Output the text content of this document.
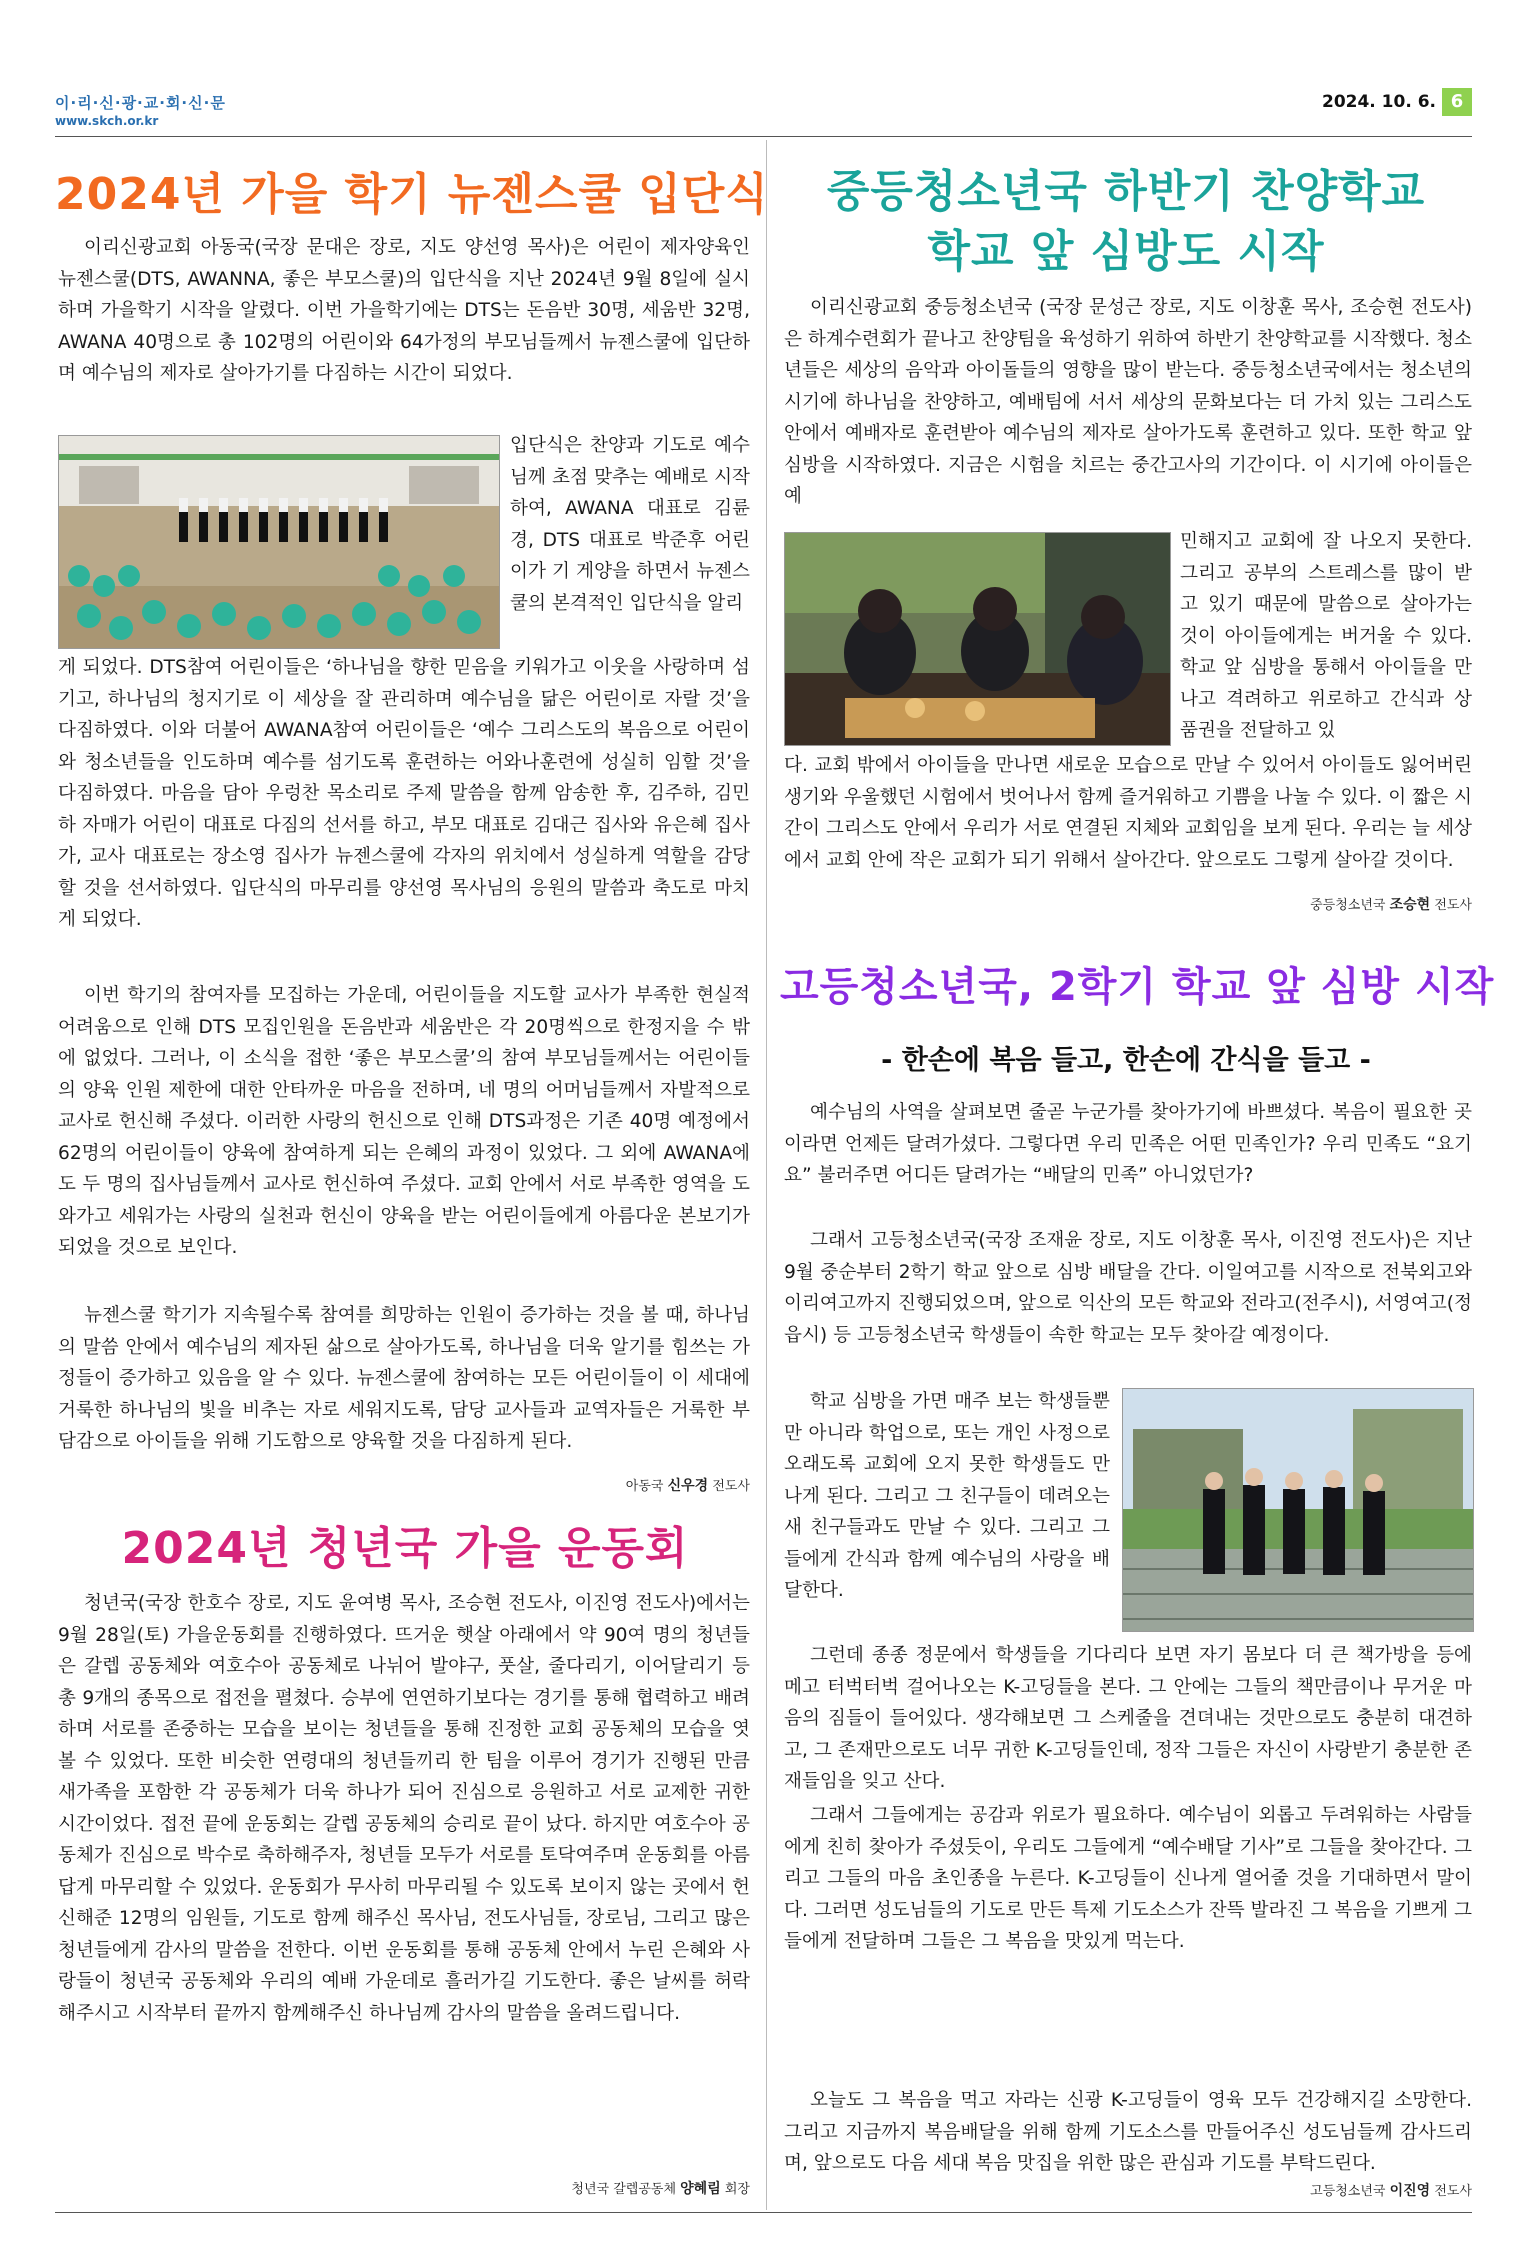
이·리·신·광·교·회·신·문
www.skch.or.kr
2024. 10. 6. 6
2024년 가을 학기 뉴젠스쿨 입단식

이리신광교회 아동국(국장 문대은 장로, 지도 양선영 목사)은 어린이 제자양육인 뉴젠스쿨(DTS, AWANNA, 좋은 부모스쿨)의 입단식을 지난 2024년 9월 8일에 실시하며 가을학기 시작을 알렸다. 이번 가을학기에는 DTS는 돈음반 30명, 세움반 32명, AWANA 40명으로 총 102명의 어린이와 64가정의 부모님들께서 뉴젠스쿨에 입단하며 예수님의 제자로 살아가기를 다짐하는 시간이 되었다.

입단식은 찬양과 기도로 예수님께 초점 맞추는 예배로 시작하여, AWANA 대표로 김륜경, DTS 대표로 박준후 어린이가 기 게양을 하면서 뉴젠스쿨의 본격적인 입단식을 알리

게 되었다. DTS참여 어린이들은 ‘하나님을 향한 믿음을 키워가고 이웃을 사랑하며 섬기고, 하나님의 청지기로 이 세상을 잘 관리하며 예수님을 닮은 어린이로 자랄 것’을 다짐하였다. 이와 더불어 AWANA참여 어린이들은 ‘예수 그리스도의 복음으로 어린이와 청소년들을 인도하며 예수를 섬기도록 훈련하는 어와나훈련에 성실히 임할 것’을 다짐하였다. 마음을 담아 우렁찬 목소리로 주제 말씀을 함께 암송한 후, 김주하, 김민하 자매가 어린이 대표로 다짐의 선서를 하고, 부모 대표로 김대근 집사와 유은혜 집사가, 교사 대표로는 장소영 집사가 뉴젠스쿨에 각자의 위치에서 성실하게 역할을 감당할 것을 선서하였다. 입단식의 마무리를 양선영 목사님의 응원의 말씀과 축도로 마치게 되었다.

이번 학기의 참여자를 모집하는 가운데, 어린이들을 지도할 교사가 부족한 현실적 어려움으로 인해 DTS 모집인원을 돈음반과 세움반은 각 20명씩으로 한정지을 수 밖에 없었다. 그러나, 이 소식을 접한 ‘좋은 부모스쿨’의 참여 부모님들께서는 어린이들의 양육 인원 제한에 대한 안타까운 마음을 전하며, 네 명의 어머님들께서 자발적으로 교사로 헌신해 주셨다. 이러한 사랑의 헌신으로 인해 DTS과정은 기존 40명 예정에서 62명의 어린이들이 양육에 참여하게 되는 은혜의 과정이 있었다. 그 외에 AWANA에도 두 명의 집사님들께서 교사로 헌신하여 주셨다. 교회 안에서 서로 부족한 영역을 도와가고 세워가는 사랑의 실천과 헌신이 양육을 받는 어린이들에게 아름다운 본보기가 되었을 것으로 보인다.

뉴젠스쿨 학기가 지속될수록 참여를 희망하는 인원이 증가하는 것을 볼 때, 하나님의 말씀 안에서 예수님의 제자된 삶으로 살아가도록, 하나님을 더욱 알기를 힘쓰는 가정들이 증가하고 있음을 알 수 있다. 뉴젠스쿨에 참여하는 모든 어린이들이 이 세대에 거룩한 하나님의 빛을 비추는 자로 세워지도록, 담당 교사들과 교역자들은 거룩한 부담감으로 아이들을 위해 기도함으로 양육할 것을 다짐하게 된다.

아동국 신우경 전도사
2024년 청년국 가을 운동회

청년국(국장 한호수 장로, 지도 윤여병 목사, 조승현 전도사, 이진영 전도사)에서는 9월 28일(토) 가을운동회를 진행하였다. 뜨거운 햇살 아래에서 약 90여 명의 청년들은 갈렙 공동체와 여호수아 공동체로 나뉘어 발야구, 풋살, 줄다리기, 이어달리기 등 총 9개의 종목으로 접전을 펼쳤다. 승부에 연연하기보다는 경기를 통해 협력하고 배려하며 서로를 존중하는 모습을 보이는 청년들을 통해 진정한 교회 공동체의 모습을 엿볼 수 있었다. 또한 비슷한 연령대의 청년들끼리 한 팀을 이루어 경기가 진행된 만큼 새가족을 포함한 각 공동체가 더욱 하나가 되어 진심으로 응원하고 서로 교제한 귀한 시간이었다. 접전 끝에 운동회는 갈렙 공동체의 승리로 끝이 났다. 하지만 여호수아 공동체가 진심으로 박수로 축하해주자, 청년들 모두가 서로를 토닥여주며 운동회를 아름답게 마무리할 수 있었다. 운동회가 무사히 마무리될 수 있도록 보이지 않는 곳에서 헌신해준 12명의 임원들, 기도로 함께 해주신 목사님, 전도사님들, 장로님, 그리고 많은 청년들에게 감사의 말씀을 전한다. 이번 운동회를 통해 공동체 안에서 누린 은혜와 사랑들이 청년국 공동체와 우리의 예배 가운데로 흘러가길 기도한다. 좋은 날씨를 허락해주시고 시작부터 끝까지 함께해주신 하나님께 감사의 말씀을 올려드립니다.

청년국 갈렙공동체 양혜림 회장
중등청소년국 하반기 찬양학교
학교 앞 심방도 시작

이리신광교회 중등청소년국 (국장 문성근 장로, 지도 이창훈 목사, 조승현 전도사)은 하계수련회가 끝나고 찬양팀을 육성하기 위하여 하반기 찬양학교를 시작했다. 청소년들은 세상의 음악과 아이돌들의 영향을 많이 받는다. 중등청소년국에서는 청소년의 시기에 하나님을 찬양하고, 예배팀에 서서 세상의 문화보다는 더 가치 있는 그리스도 안에서 예배자로 훈련받아 예수님의 제자로 살아가도록 훈련하고 있다. 또한 학교 앞 심방을 시작하였다. 지금은 시험을 치르는 중간고사의 기간이다. 이 시기에 아이들은 예

민해지고 교회에 잘 나오지 못한다. 그리고 공부의 스트레스를 많이 받고 있기 때문에 말씀으로 살아가는 것이 아이들에게는 버거울 수 있다. 학교 앞 심방을 통해서 아이들을 만나고 격려하고 위로하고 간식과 상품권을 전달하고 있

다. 교회 밖에서 아이들을 만나면 새로운 모습으로 만날 수 있어서 아이들도 잃어버린 생기와 우울했던 시험에서 벗어나서 함께 즐거워하고 기쁨을 나눌 수 있다. 이 짧은 시간이 그리스도 안에서 우리가 서로 연결된 지체와 교회임을 보게 된다. 우리는 늘 세상에서 교회 안에 작은 교회가 되기 위해서 살아간다. 앞으로도 그렇게 살아갈 것이다.

중등청소년국 조승현 전도사
고등청소년국, 2학기 학교 앞 심방 시작
- 한손에 복음 들고, 한손에 간식을 들고 -

예수님의 사역을 살펴보면 줄곧 누군가를 찾아가기에 바쁘셨다. 복음이 필요한 곳이라면 언제든 달려가셨다. 그렇다면 우리 민족은 어떤 민족인가? 우리 민족도 “요기요” 불러주면 어디든 달려가는 “배달의 민족” 아니었던가?

그래서 고등청소년국(국장 조재윤 장로, 지도 이창훈 목사, 이진영 전도사)은 지난 9월 중순부터 2학기 학교 앞으로 심방 배달을 간다. 이일여고를 시작으로 전북외고와 이리여고까지 진행되었으며, 앞으로 익산의 모든 학교와 전라고(전주시), 서영여고(정읍시) 등 고등청소년국 학생들이 속한 학교는 모두 찾아갈 예정이다.

학교 심방을 가면 매주 보는 학생들뿐만 아니라 학업으로, 또는 개인 사정으로 오래도록 교회에 오지 못한 학생들도 만나게 된다. 그리고 그 친구들이 데려오는 새 친구들과도 만날 수 있다. 그리고 그들에게 간식과 함께 예수님의 사랑을 배달한다.

그런데 종종 정문에서 학생들을 기다리다 보면 자기 몸보다 더 큰 책가방을 등에 메고 터벅터벅 걸어나오는 K-고딩들을 본다. 그 안에는 그들의 책만큼이나 무거운 마음의 짐들이 들어있다. 생각해보면 그 스케줄을 견뎌내는 것만으로도 충분히 대견하고, 그 존재만으로도 너무 귀한 K-고딩들인데, 정작 그들은 자신이 사랑받기 충분한 존재들임을 잊고 산다.

그래서 그들에게는 공감과 위로가 필요하다. 예수님이 외롭고 두려워하는 사람들에게 친히 찾아가 주셨듯이, 우리도 그들에게 “예수배달 기사”로 그들을 찾아간다. 그리고 그들의 마음 초인종을 누른다. K-고딩들이 신나게 열어줄 것을 기대하면서 말이다. 그러면 성도님들의 기도로 만든 특제 기도소스가 잔뜩 발라진 그 복음을 기쁘게 그들에게 전달하며 그들은 그 복음을 맛있게 먹는다.

오늘도 그 복음을 먹고 자라는 신광 K-고딩들이 영육 모두 건강해지길 소망한다. 그리고 지금까지 복음배달을 위해 함께 기도소스를 만들어주신 성도님들께 감사드리며, 앞으로도 다음 세대 복음 맛집을 위한 많은 관심과 기도를 부탁드린다.

고등청소년국 이진영 전도사
